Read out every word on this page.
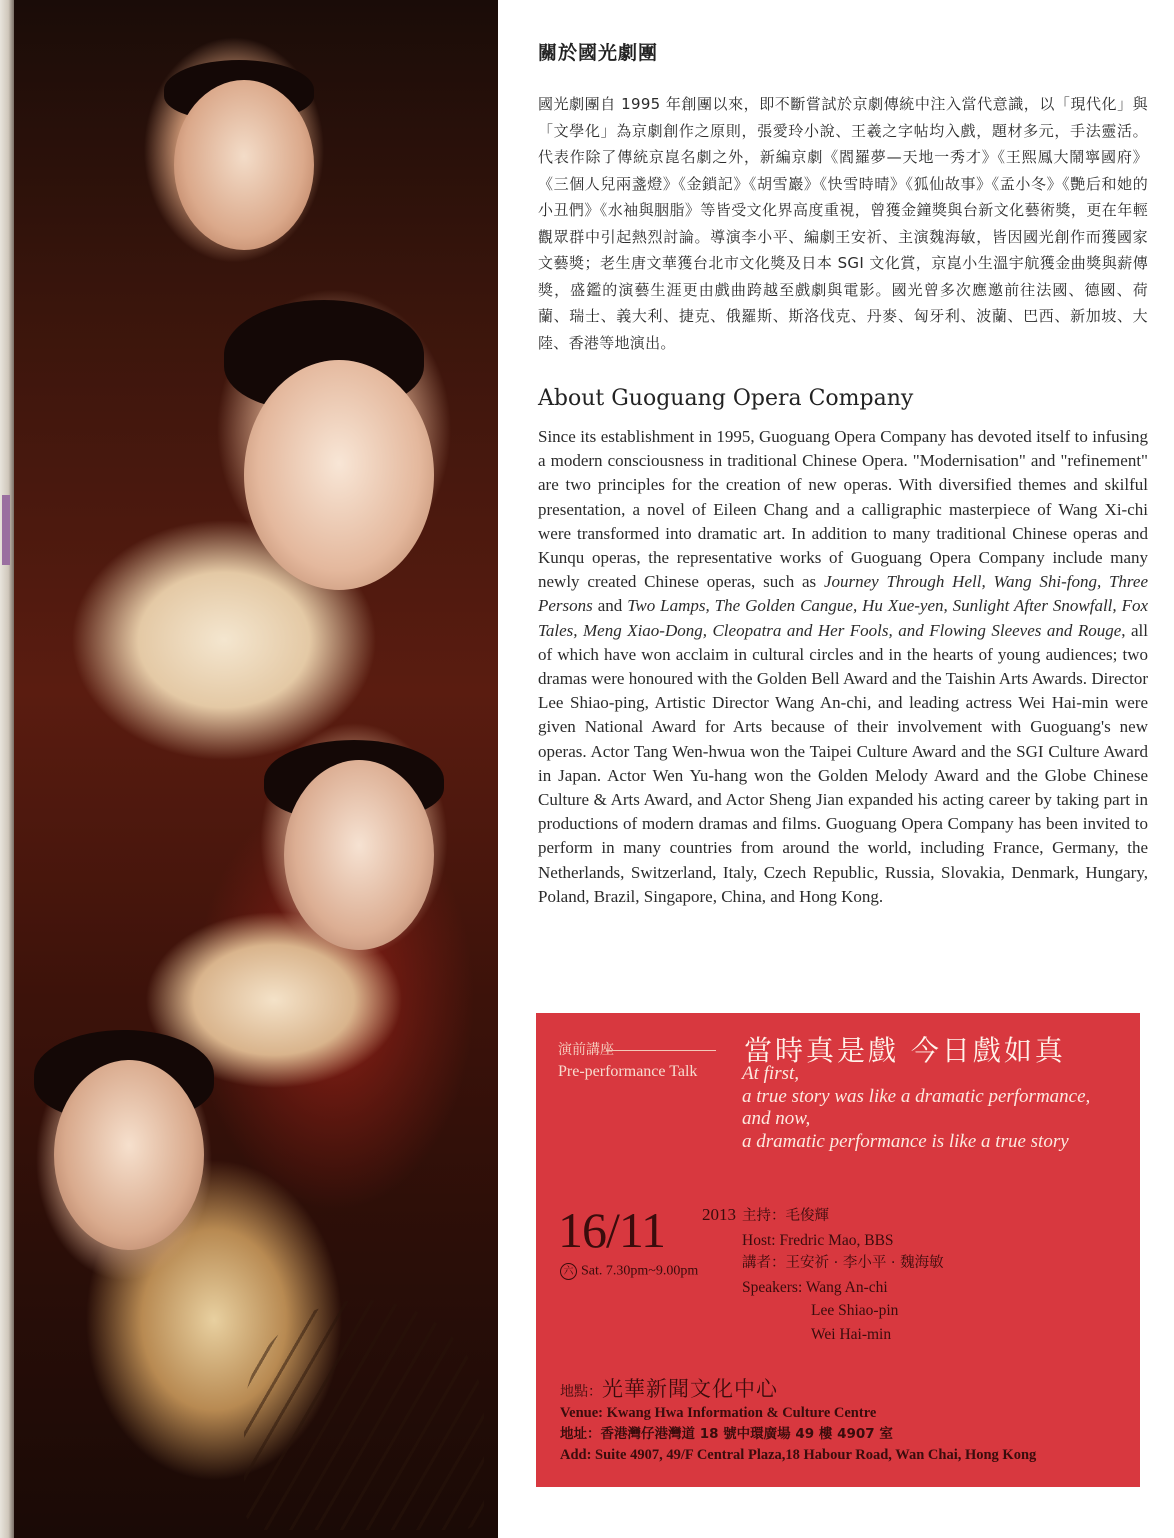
關於國光劇團

國光劇團自 1995 年創團以來，即不斷嘗試於京劇傳統中注入當代意識，以「現代化」與「文學化」為京劇創作之原則，張愛玲小說、王羲之字帖均入戲，題材多元，手法靈活。代表作除了傳統京崑名劇之外，新編京劇《閻羅夢—天地一秀才》《王熙鳳大鬧寧國府》《三個人兒兩盞燈》《金鎖記》《胡雪巖》《快雪時晴》《狐仙故事》《孟小冬》《艷后和她的小丑們》《水袖與胭脂》等皆受文化界高度重視，曾獲金鐘獎與台新文化藝術獎，更在年輕觀眾群中引起熱烈討論。導演李小平、編劇王安祈、主演魏海敏，皆因國光創作而獲國家文藝獎；老生唐文華獲台北市文化獎及日本 SGI 文化賞，京崑小生溫宇航獲金曲獎與薪傳獎，盛鑑的演藝生涯更由戲曲跨越至戲劇與電影。國光曾多次應邀前往法國、德國、荷蘭、瑞士、義大利、捷克、俄羅斯、斯洛伐克、丹麥、匈牙利、波蘭、巴西、新加坡、大陸、香港等地演出。

About Guoguang Opera Company

Since its establishment in 1995, Guoguang Opera Company has devoted itself to infusing a modern consciousness in traditional Chinese Opera. "Modernisation" and "refinement" are two principles for the creation of new operas. With diversified themes and skilful presentation, a novel of Eileen Chang and a calligraphic masterpiece of Wang Xi-chi were transformed into dramatic art. In addition to many traditional Chinese operas and Kunqu operas, the representative works of Guoguang Opera Company include many newly created Chinese operas, such as Journey Through Hell, Wang Shi-fong, Three Persons and Two Lamps, The Golden Cangue, Hu Xue-yen, Sunlight After Snowfall, Fox Tales, Meng Xiao-Dong, Cleopatra and Her Fools, and Flowing Sleeves and Rouge, all of which have won acclaim in cultural circles and in the hearts of young audiences; two dramas were honoured with the Golden Bell Award and the Taishin Arts Awards. Director Lee Shiao-ping, Artistic Director Wang An-chi, and leading actress Wei Hai-min were given National Award for Arts because of their involvement with Guoguang's new operas. Actor Tang Wen-hwua won the Taipei Culture Award and the SGI Culture Award in Japan. Actor Wen Yu-hang won the Golden Melody Award and the Globe Chinese Culture & Arts Award, and Actor Sheng Jian expanded his acting career by taking part in productions of modern dramas and films. Guoguang Opera Company has been invited to perform in many countries from around the world, including France, Germany, the Netherlands, Switzerland, Italy, Czech Republic, Russia, Slovakia, Denmark, Hungary, Poland, Brazil, Singapore, China, and Hong Kong.

演前講座
Pre-performance Talk
當時真是戲 今日戲如真
At first,
a true story was like a dramatic performance,
and now,
a dramatic performance is like a true story
16/11 2013
六 Sat. 7.30pm~9.00pm
主持：毛俊輝
Host: Fredric Mao, BBS
講者：王安祈 · 李小平 · 魏海敏
Speakers: Wang An-chi
Lee Shiao-pin
Wei Hai-min
地點：光華新聞文化中心
Venue: Kwang Hwa Information & Culture Centre
地址：香港灣仔港灣道 18 號中環廣場 49 樓 4907 室
Add: Suite 4907, 49/F Central Plaza,18 Habour Road, Wan Chai, Hong Kong
